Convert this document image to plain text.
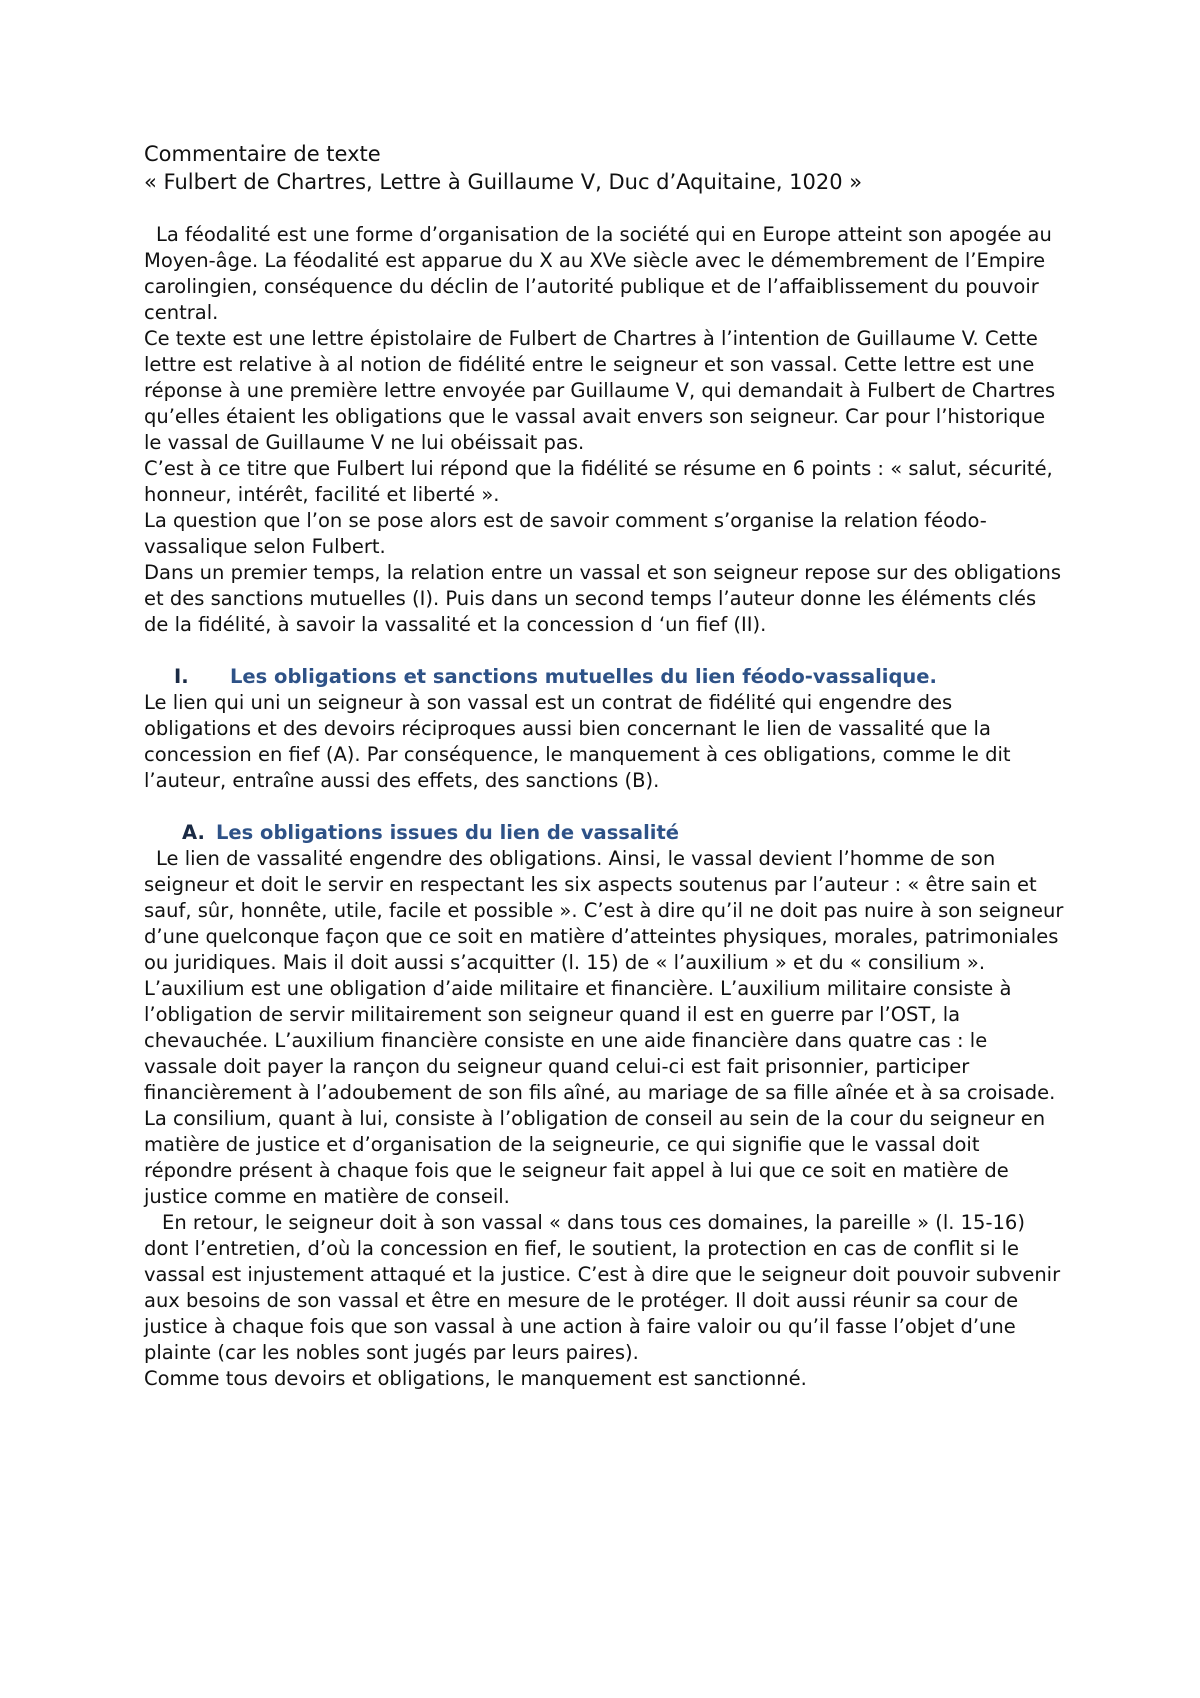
Commentaire de texte

« Fulbert de Chartres, Lettre à Guillaume V, Duc d’Aquitaine, 1020 »

La féodalité est une forme d’organisation de la société qui en Europe atteint son apogée au Moyen-âge. La féodalité est apparue du X au XVe siècle avec le démembrement de l’Empire carolingien, conséquence du déclin de l’autorité publique et de l’affaiblissement du pouvoir central.

Ce texte est une lettre épistolaire de Fulbert de Chartres à l’intention de Guillaume V. Cette lettre est relative à al notion de fidélité entre le seigneur et son vassal. Cette lettre est une réponse à une première lettre envoyée par Guillaume V, qui demandait à Fulbert de Chartres qu’elles étaient les obligations que le vassal avait envers son seigneur. Car pour l’historique le vassal de Guillaume V ne lui obéissait pas.

C’est à ce titre que Fulbert lui répond que la fidélité se résume en 6 points : « salut, sécurité, honneur, intérêt, facilité et liberté ».

La question que l’on se pose alors est de savoir comment s’organise la relation féodo-vassalique selon Fulbert.

Dans un premier temps, la relation entre un vassal et son seigneur repose sur des obligations et des sanctions mutuelles (I). Puis dans un second temps l’auteur donne les éléments clés de la fidélité, à savoir la vassalité et la concession d ‘un fief (II).

I.	Les obligations et sanctions mutuelles du lien féodo-vassalique.

Le lien qui uni un seigneur à son vassal est un contrat de fidélité qui engendre des obligations et des devoirs réciproques aussi bien concernant le lien de vassalité que la concession en fief (A). Par conséquence, le manquement à ces obligations, comme le dit l’auteur, entraîne aussi des effets, des sanctions (B).

A. Les obligations issues du lien de vassalité

Le lien de vassalité engendre des obligations. Ainsi, le vassal devient l’homme de son seigneur et doit le servir en respectant les six aspects soutenus par l’auteur : « être sain et sauf, sûr, honnête, utile, facile et possible ». C’est à dire qu’il ne doit pas nuire à son seigneur d’une quelconque façon que ce soit en matière d’atteintes physiques, morales, patrimoniales ou juridiques. Mais il doit aussi s’acquitter (l. 15) de « l’auxilium » et du « consilium ».

L’auxilium est une obligation d’aide militaire et financière. L’auxilium militaire consiste à l’obligation de servir militairement son seigneur quand il est en guerre par l’OST, la chevauchée. L’auxilium financière consiste en une aide financière dans quatre cas : le vassale doit payer la rançon du seigneur quand celui-ci est fait prisonnier, participer financièrement à l’adoubement de son fils aîné, au mariage de sa fille aînée et à sa croisade. La consilium, quant à lui, consiste à l’obligation de conseil au sein de la cour du seigneur en matière de justice et d’organisation de la seigneurie, ce qui signifie que le vassal doit répondre présent à chaque fois que le seigneur fait appel à lui que ce soit en matière de justice comme en matière de conseil.

En retour, le seigneur doit à son vassal « dans tous ces domaines, la pareille » (l. 15-16) dont l’entretien, d’où la concession en fief, le soutient, la protection en cas de conflit si le vassal est injustement attaqué et la justice. C’est à dire que le seigneur doit pouvoir subvenir aux besoins de son vassal et être en mesure de le protéger. Il doit aussi réunir sa cour de justice à chaque fois que son vassal à une action à faire valoir ou qu’il fasse l’objet d’une plainte (car les nobles sont jugés par leurs paires).

Comme tous devoirs et obligations, le manquement est sanctionné.
